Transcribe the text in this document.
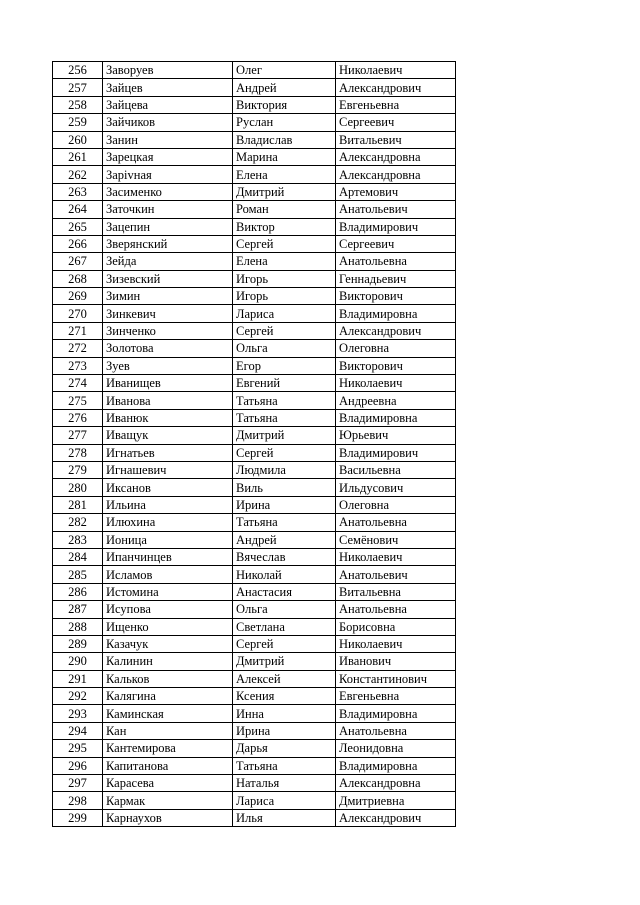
256	Заворуев	Олег	Николаевич
257	Зайцев	Андрей	Александрович
258	Зайцева	Виктория	Евгеньевна
259	Зайчиков	Руслан	Сергеевич
260	Занин	Владислав	Витальевич
261	Зарецкая	Марина	Александровна
262	Зарivная	Елена	Александровна
263	Засименко	Дмитрий	Артемович
264	Заточкин	Роман	Анатольевич
265	Зацепин	Виктор	Владимирович
266	Зверянский	Сергей	Сергеевич
267	Зейда	Елена	Анатольевна
268	Зизевский	Игорь	Геннадьевич
269	Зимин	Игорь	Викторович
270	Зинкевич	Лариса	Владимировна
271	Зинченко	Сергей	Александрович
272	Золотова	Ольга	Олеговна
273	Зуев	Егор	Викторович
274	Иванищев	Евгений	Николаевич
275	Иванова	Татьяна	Андреевна
276	Иванюк	Татьяна	Владимировна
277	Иващук	Дмитрий	Юрьевич
278	Игнатьев	Сергей	Владимирович
279	Игнашевич	Людмила	Васильевна
280	Иксанов	Виль	Ильдусович
281	Ильина	Ирина	Олеговна
282	Илюхина	Татьяна	Анатольевна
283	Ионица	Андрей	Семёнович
284	Ипанчинцев	Вячеслав	Николаевич
285	Исламов	Николай	Анатольевич
286	Истомина	Анастасия	Витальевна
287	Исупова	Ольга	Анатольевна
288	Ищенко	Светлана	Борисовна
289	Казачук	Сергей	Николаевич
290	Калинин	Дмитрий	Иванович
291	Кальков	Алексей	Константинович
292	Калягина	Ксения	Евгеньевна
293	Каминская	Инна	Владимировна
294	Кан	Ирина	Анатольевна
295	Кантемирова	Дарья	Леонидовна
296	Капитанова	Татьяна	Владимировна
297	Карасева	Наталья	Александровна
298	Кармак	Лариса	Дмитриевна
299	Карнаухов	Илья	Александрович
